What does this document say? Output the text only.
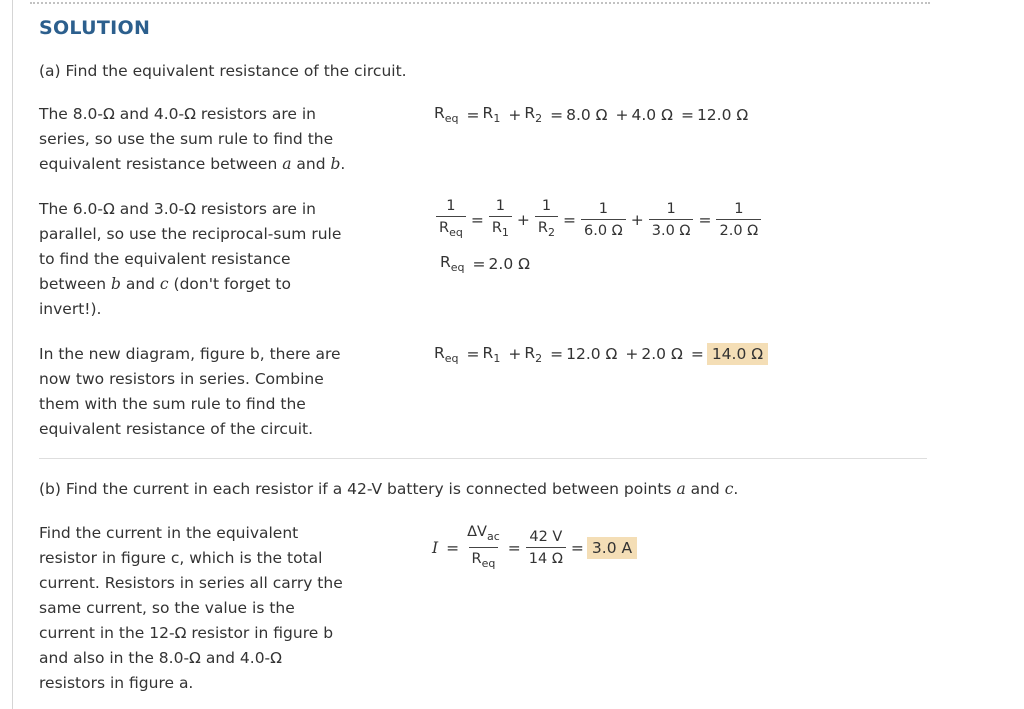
SOLUTION
(a) Find the equivalent resistance of the circuit.
The 8.0-Ω and 4.0-Ω resistors are in
series, so use the sum rule to find the
equivalent resistance between a and b.
$R_{eq} = R_1 + R_2 = 8.0$ Ω + 4.0 Ω = 12.0 Ω
The 6.0-Ω and 3.0-Ω resistors are in
parallel, so use the reciprocal-sum rule
to find the equivalent resistance
between b and c (don't forget to
invert!).
$\frac{1}{R_{eq}} = \frac{1}{R_1} + \frac{1}{R_2} = \frac{1}{6.0 \Omega} + \frac{1}{3.0 \Omega} = \frac{1}{2.0 \Omega}$
$R_{eq} = 2.0$ Ω
In the new diagram, figure b, there are
now two resistors in series. Combine
them with the sum rule to find the
equivalent resistance of the circuit.
$R_{eq} = R_1 + R_2 = 12.0$ Ω + 2.0 Ω = 14.0 Ω
(b) Find the current in each resistor if a 42-V battery is connected between points a and c.
Find the current in the equivalent
resistor in figure c, which is the total
current. Resistors in series all carry the
same current, so the value is the
current in the 12-Ω resistor in figure b
and also in the 8.0-Ω and 4.0-Ω
resistors in figure a.
$I = \frac{\Delta V_{ac}}{R_{eq}} = \frac{42 V}{14 \Omega} = 3.0$ A
